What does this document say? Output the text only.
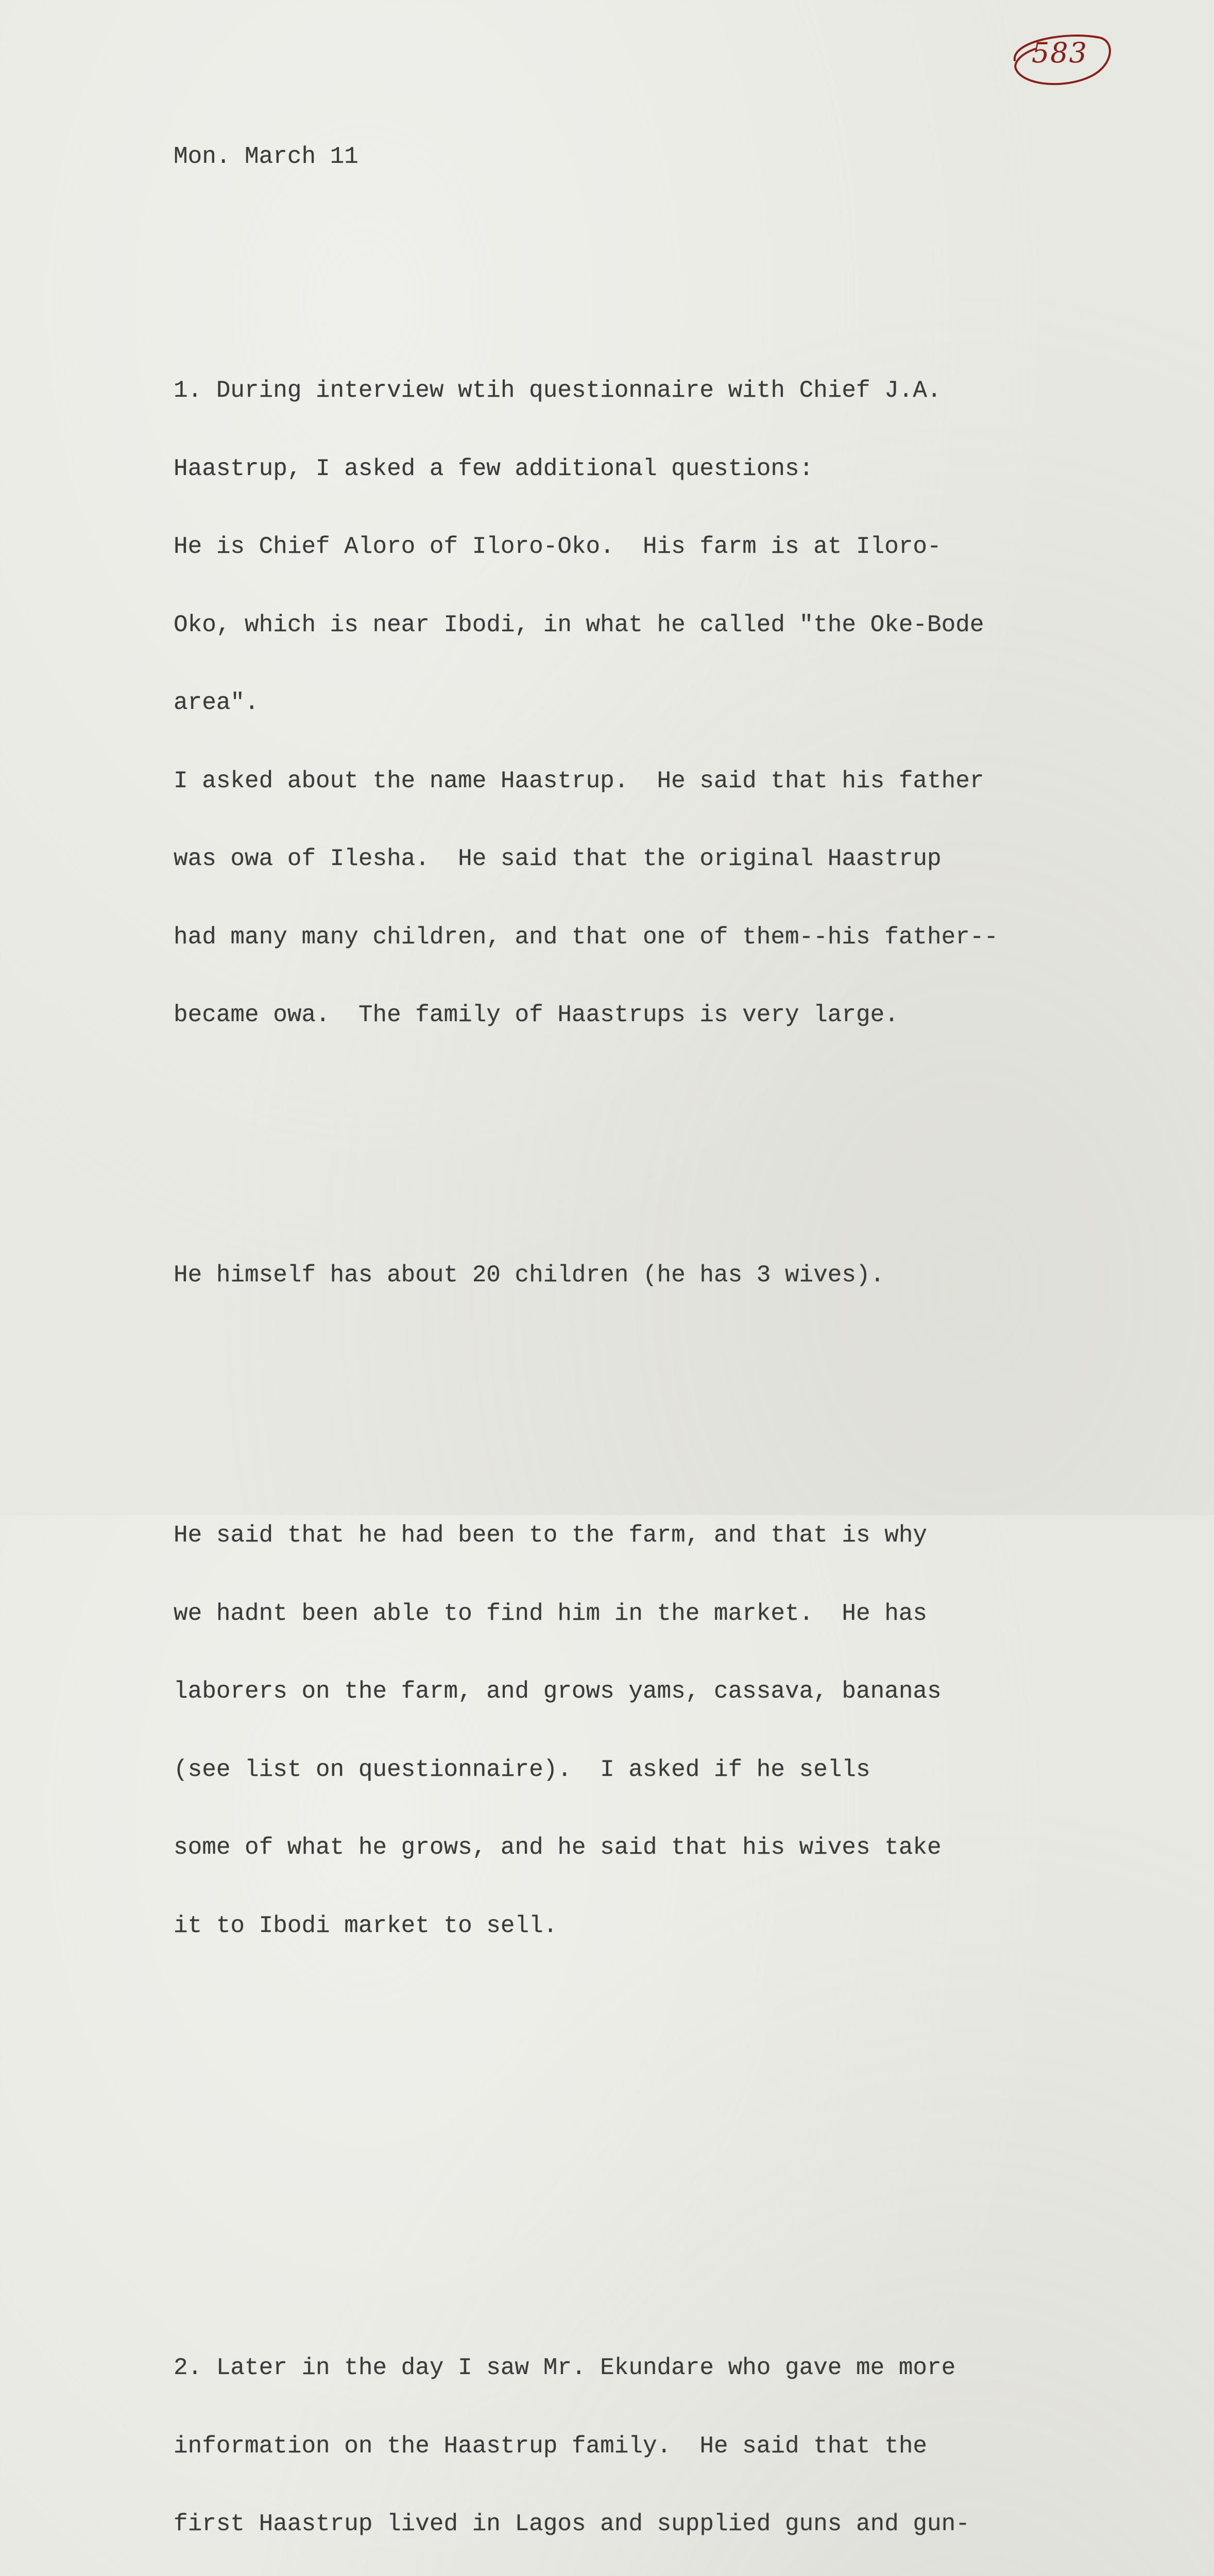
583

Mon. March 11

1. During interview wtih questionnaire with Chief J.A.

Haastrup, I asked a few additional questions:

He is Chief Aloro of Iloro-Oko.  His farm is at Iloro-

Oko, which is near Ibodi, in what he called "the Oke-Bode

area".

I asked about the name Haastrup.  He said that his father

was owa of Ilesha.  He said that the original Haastrup

had many many children, and that one of them--his father--

became owa.  The family of Haastrups is very large.

He himself has about 20 children (he has 3 wives).

He said that he had been to the farm, and that is why

we hadnt been able to find him in the market.  He has

laborers on the farm, and grows yams, cassava, bananas

(see list on questionnaire).  I asked if he sells

some of what he grows, and he said that his wives take

it to Ibodi market to sell.

2. Later in the day I saw Mr. Ekundare who gave me more

information on the Haastrup family.  He said that the

first Haastrup lived in Lagos and supplied guns and gun-
